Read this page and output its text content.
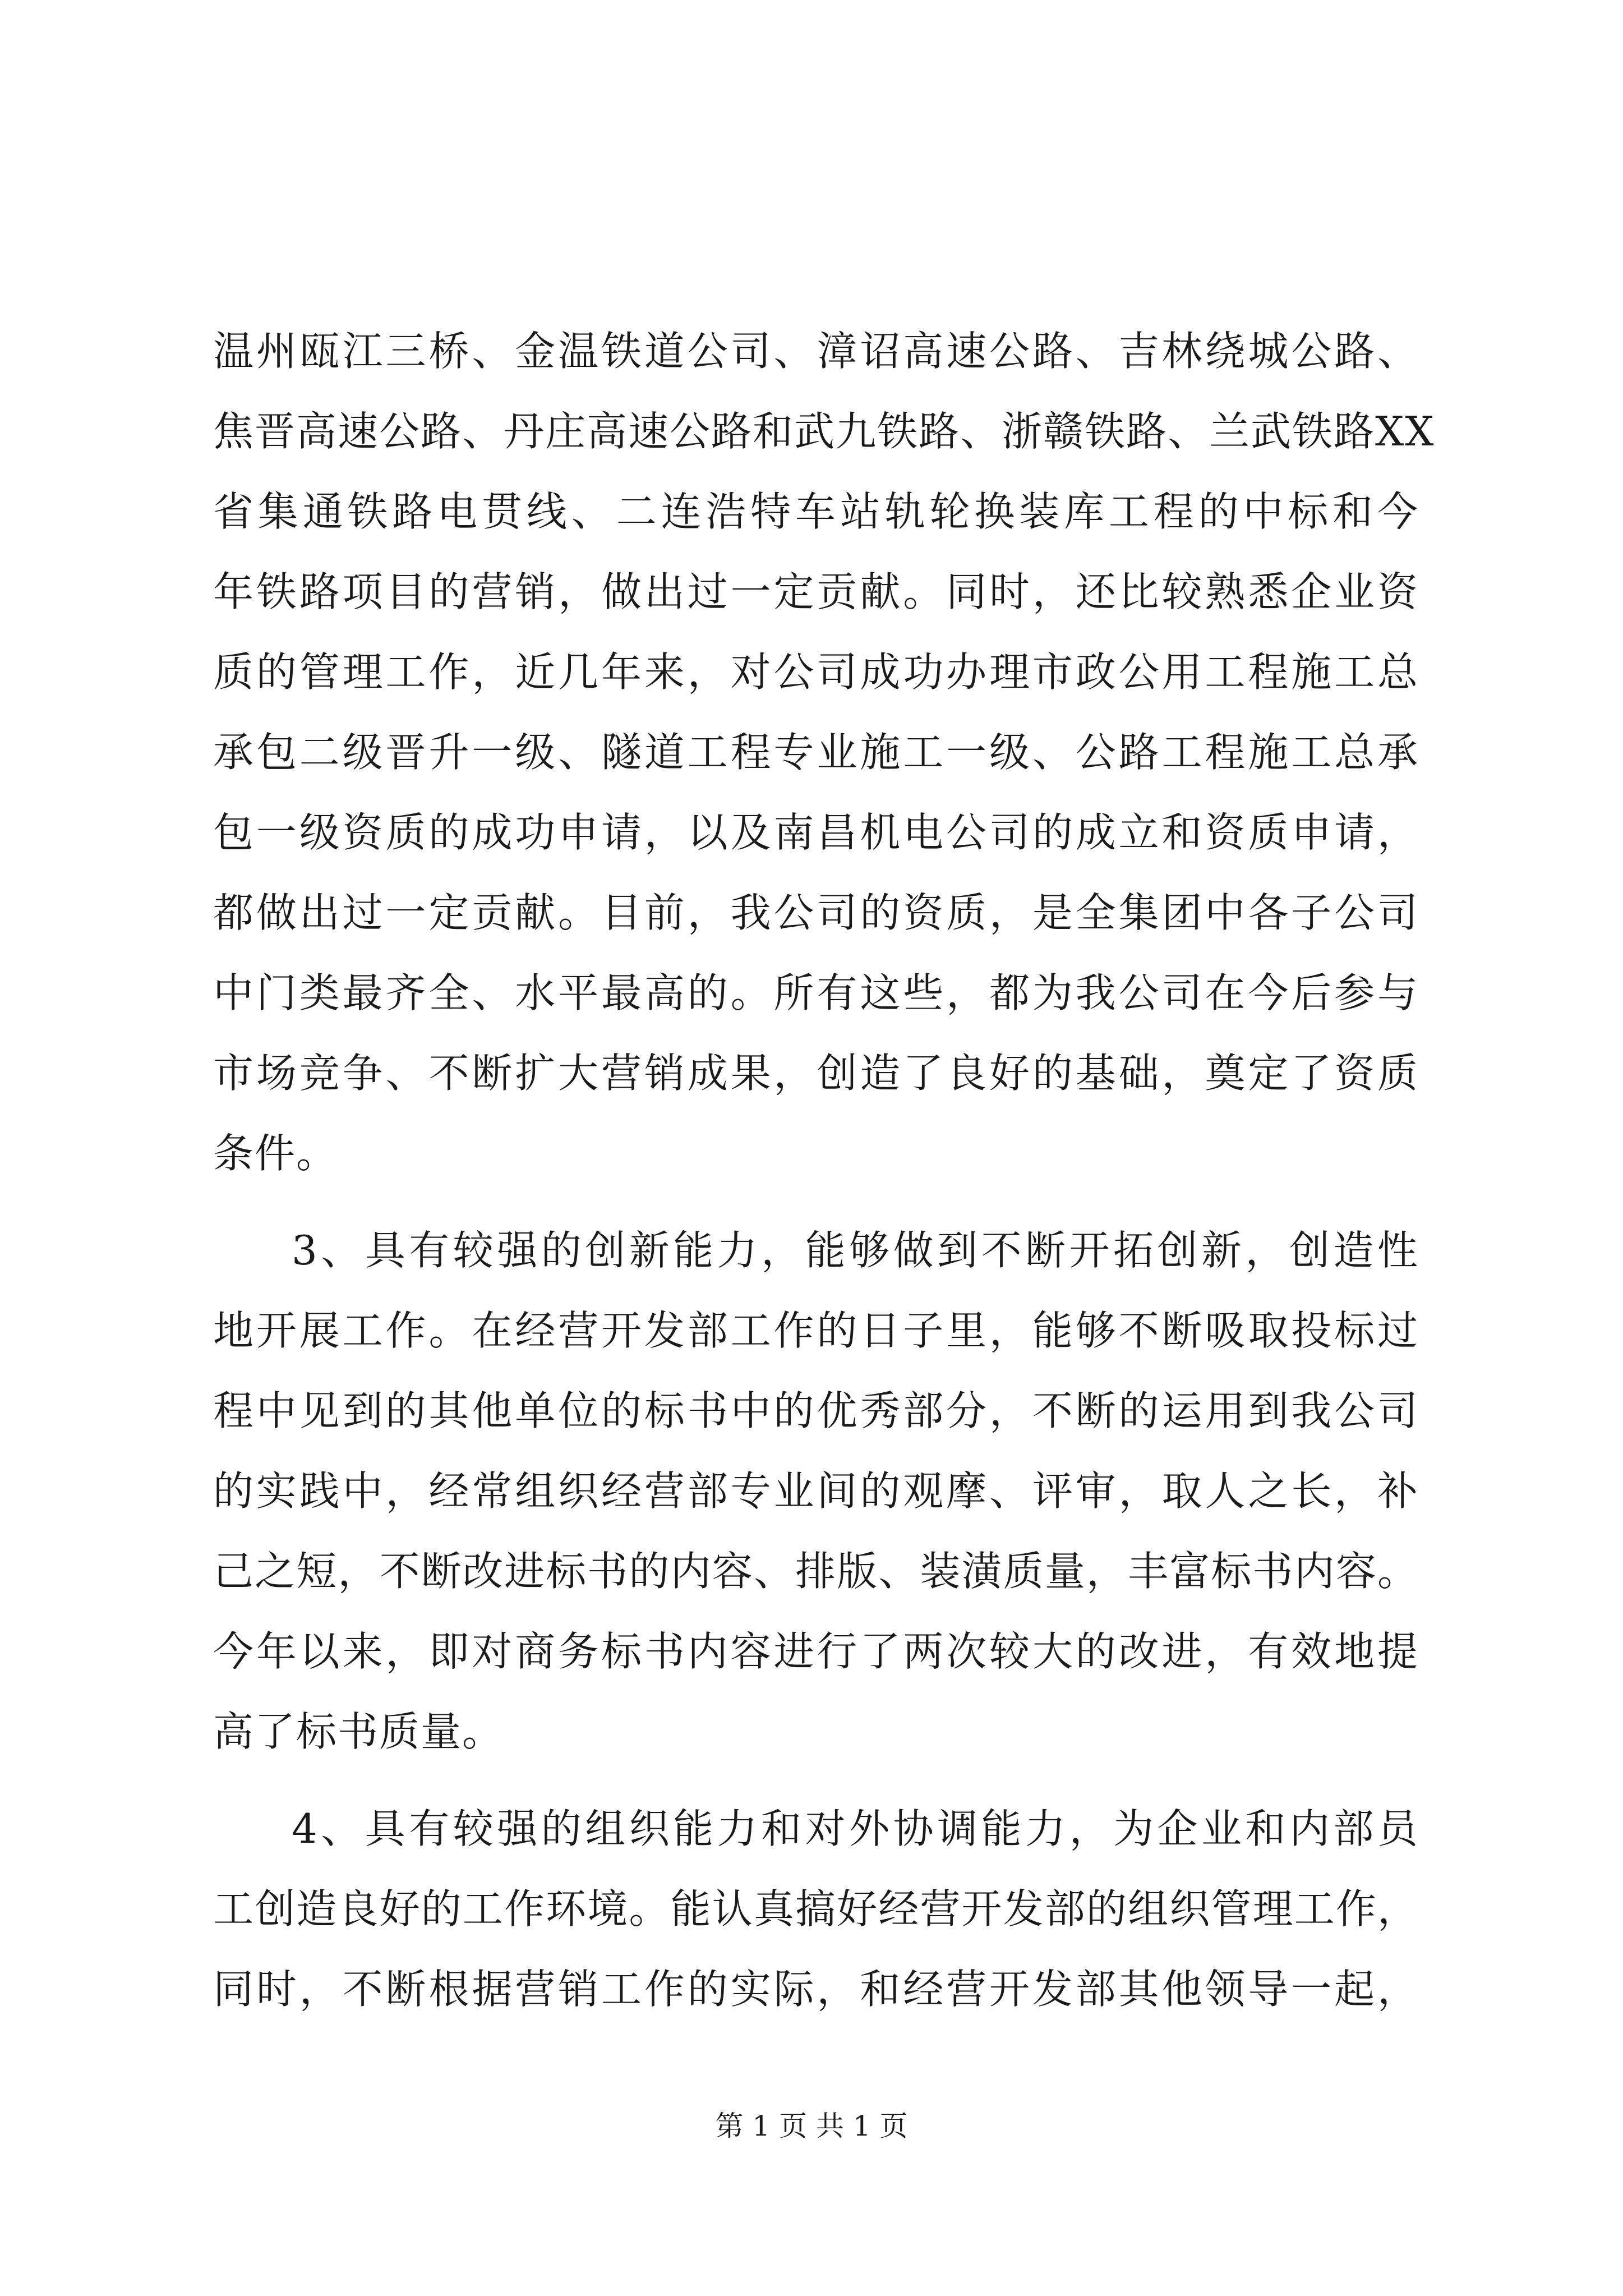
温州瓯江三桥、金温铁道公司、漳诏高速公路、吉林绕城公路、
焦晋高速公路、丹庄高速公路和武九铁路、浙赣铁路、兰武铁路XX
省集通铁路电贯线、二连浩特车站轨轮换装库工程的中标和今
年铁路项目的营销，做出过一定贡献。同时，还比较熟悉企业资
质的管理工作，近几年来，对公司成功办理市政公用工程施工总
承包二级晋升一级、隧道工程专业施工一级、公路工程施工总承
包一级资质的成功申请，以及南昌机电公司的成立和资质申请，
都做出过一定贡献。目前，我公司的资质，是全集团中各子公司
中门类最齐全、水平最高的。所有这些，都为我公司在今后参与
市场竞争、不断扩大营销成果，创造了良好的基础，奠定了资质
条件。
3、具有较强的创新能力，能够做到不断开拓创新，创造性
地开展工作。在经营开发部工作的日子里，能够不断吸取投标过
程中见到的其他单位的标书中的优秀部分，不断的运用到我公司
的实践中，经常组织经营部专业间的观摩、评审，取人之长，补
己之短，不断改进标书的内容、排版、装潢质量，丰富标书内容。
今年以来，即对商务标书内容进行了两次较大的改进，有效地提
高了标书质量。
4、具有较强的组织能力和对外协调能力，为企业和内部员
工创造良好的工作环境。能认真搞好经营开发部的组织管理工作，
同时，不断根据营销工作的实际，和经营开发部其他领导一起，
第 1 页 共 1 页
